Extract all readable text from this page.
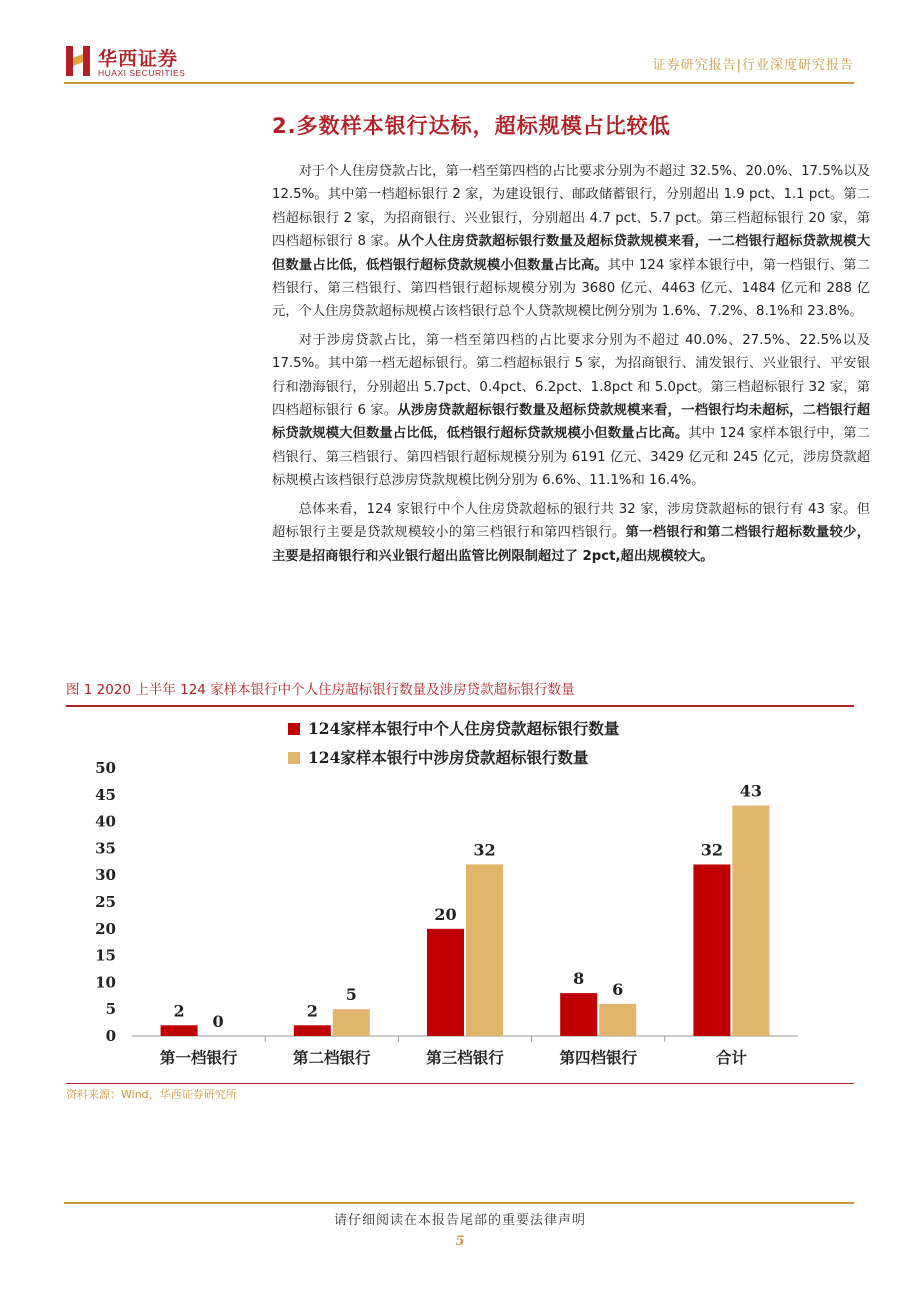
华西证券
HUAXI SECURITIES	证券研究报告|行业深度研究报告
2.多数样本银行达标，超标规模占比较低
www.baogao8.com

对于个人住房贷款占比，第一档至第四档的占比要求分别为不超过 32.5%、20.0%、17.5%以及 12.5%。其中第一档超标银行 2 家，为建设银行、邮政储蓄银行，分别超出 1.9 pct、1.1 pct。第二档超标银行 2 家，为招商银行、兴业银行，分别超出 4.7 pct、5.7 pct。第三档超标银行 20 家，第四档超标银行 8 家。从个人住房贷款超标银行数量及超标贷款规模来看，一二档银行超标贷款规模大但数量占比低，低档银行超标贷款规模小但数量占比高。其中 124 家样本银行中，第一档银行、第二档银行、第三档银行、第四档银行超标规模分别为 3680 亿元、4463 亿元、1484 亿元和 288 亿元，个人住房贷款超标规模占该档银行总个人贷款规模比例分别为 1.6%、7.2%、8.1%和 23.8%。

对于涉房贷款占比，第一档至第四档的占比要求分别为不超过 40.0%、27.5%、22.5%以及 17.5%。其中第一档无超标银行。第二档超标银行 5 家，为招商银行、浦发银行、兴业银行、平安银行和渤海银行，分别超出 5.7pct、0.4pct、6.2pct、1.8pct 和 5.0pct。第三档超标银行 32 家，第四档超标银行 6 家。从涉房贷款超标银行数量及超标贷款规模来看，一档银行均未超标，二档银行超标贷款规模大但数量占比低，低档银行超标贷款规模小但数量占比高。其中 124 家样本银行中，第二档银行、第三档银行、第四档银行超标规模分别为 6191 亿元、3429 亿元和 245 亿元，涉房贷款超标规模占该档银行总涉房贷款规模比例分别为 6.6%、11.1%和 16.4%。

总体来看，124 家银行中个人住房贷款超标的银行共 32 家，涉房贷款超标的银行有 43 家。但超标银行主要是贷款规模较小的第三档银行和第四档银行。第一档银行和第二档银行超标数量较少，主要是招商银行和兴业银行超出监管比例限制超过了 2pct,超出规模较大。

图 1 2020 上半年 124 家样本银行中个人住房超标银行数量及涉房贷款超标银行数量
124家样本银行中个人住房贷款超标银行数量
124家样本银行中涉房贷款超标银行数量
0
5
10
15
20
25
30
35
40
45
50
第一档银行
2
0
第二档银行
2
5
第三档银行
20
32
第四档银行
8
6
合计
32
43
资料来源：Wind，华西证券研究所
请仔细阅读在本报告尾部的重要法律声明
5
